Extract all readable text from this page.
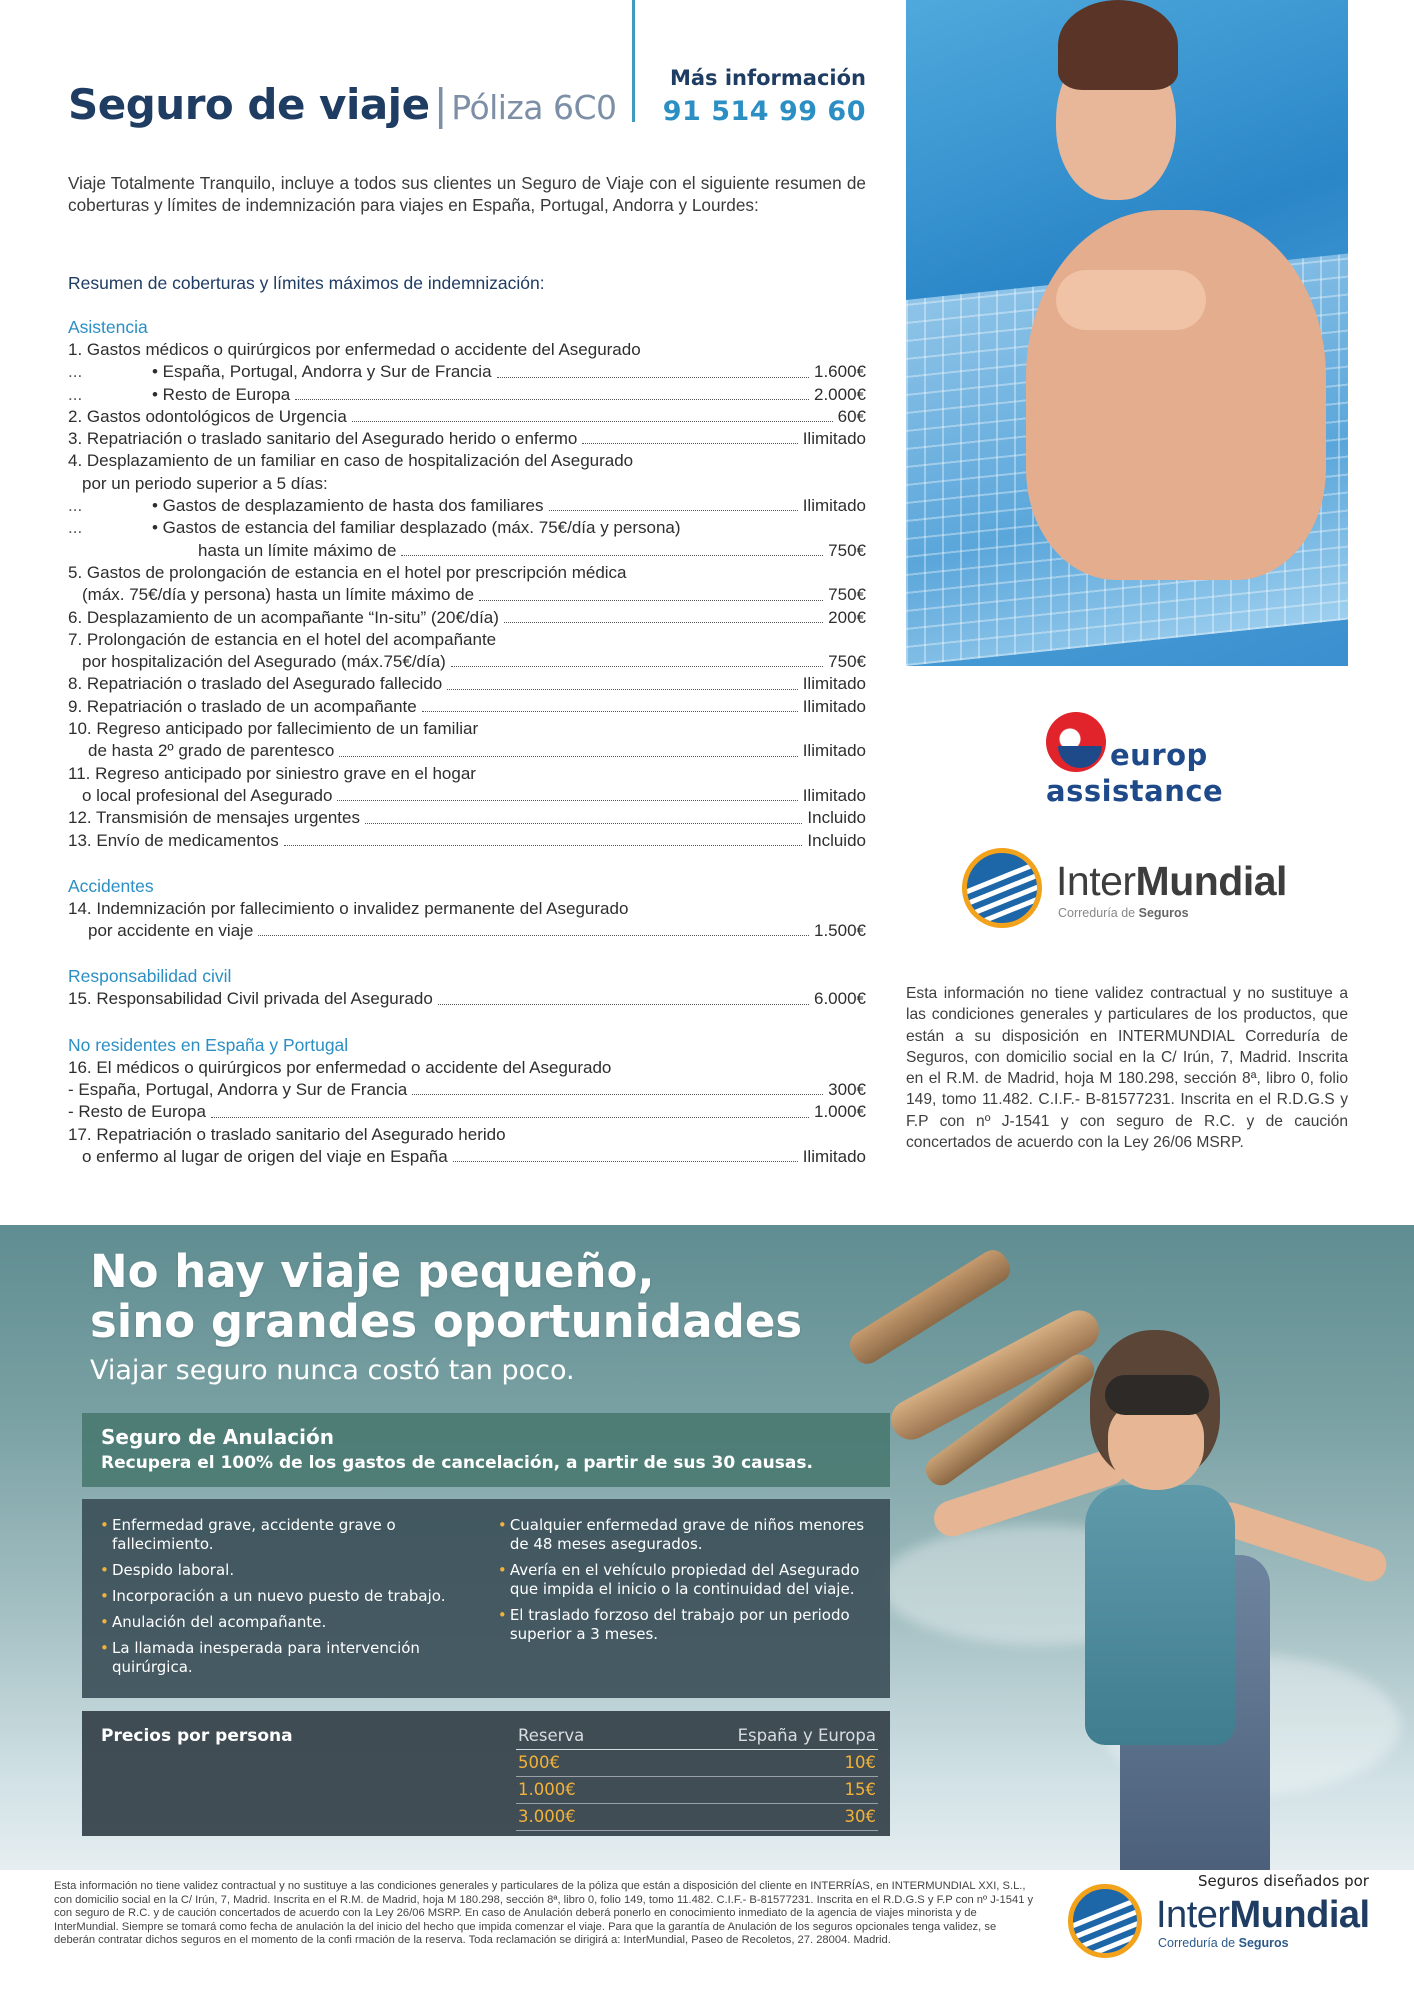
Seguro de viaje| Póliza 6C0
Más información
91 514 99 60

Viaje Totalmente Tranquilo, incluye a todos sus clientes un Seguro de Viaje con el siguiente resumen de coberturas y límites de indemnización para viajes en España, Portugal, Andorra y Lourdes:

Resumen de coberturas y límites máximos de indemnización:
Asistencia
1. Gastos médicos o quirúrgicos por enfermedad o accidente del Asegurado
...	• España, Portugal, Andorra y Sur de Francia	1.600€
...	• Resto de Europa	2.000€
2. Gastos odontológicos de Urgencia	60€
3. Repatriación o traslado sanitario del Asegurado herido o enfermo	Ilimitado
4. Desplazamiento de un familiar en caso de hospitalización del Asegurado
por un periodo superior a 5 días:
...	• Gastos de desplazamiento de hasta dos familiares	Ilimitado
...	• Gastos de estancia del familiar desplazado (máx. 75€/día y persona)
hasta un límite máximo de	750€
5. Gastos de prolongación de estancia en el hotel por prescripción médica
(máx. 75€/día y persona) hasta un límite máximo de	750€
6. Desplazamiento de un acompañante “In-situ” (20€/día)	200€
7. Prolongación de estancia en el hotel del acompañante
por hospitalización del Asegurado (máx.75€/día)	750€
8. Repatriación o traslado del Asegurado fallecido	Ilimitado
9. Repatriación o traslado de un acompañante	Ilimitado
10. Regreso anticipado por fallecimiento de un familiar
de hasta 2º grado de parentesco	Ilimitado
11. Regreso anticipado por siniestro grave en el hogar
o local profesional del Asegurado	Ilimitado
12. Transmisión de mensajes urgentes	Incluido
13. Envío de medicamentos	Incluido
Accidentes
14. Indemnización por fallecimiento o invalidez permanente del Asegurado
por accidente en viaje	1.500€
Responsabilidad civil
15. Responsabilidad Civil privada del Asegurado	6.000€
No residentes en España y Portugal
16. El médicos o quirúrgicos por enfermedad o accidente del Asegurado
- España, Portugal, Andorra y Sur de Francia	300€
- Resto de Europa	1.000€
17. Repatriación o traslado sanitario del Asegurado herido
o enfermo al lugar de origen del viaje en España	Ilimitado
europ
assistance
InterMundial
Correduría de Seguros

Esta información no tiene validez contractual y no sustituye a las condiciones generales y particulares de los productos, que están a su disposición en INTERMUNDIAL Correduría de Seguros, con domicilio social en la C/ Irún, 7, Madrid. Inscrita en el R.M. de Madrid, hoja M 180.298, sección 8ª, libro 0, folio 149, tomo 11.482. C.I.F.- B-81577231. Inscrita en el R.D.G.S y F.P con nº J-1541 y con seguro de R.C. y de caución concertados de acuerdo con la Ley 26/06 MSRP.

No hay viaje pequeño,
sino grandes oportunidades
Viajar seguro nunca costó tan poco.
Seguro de Anulación
Recupera el 100% de los gastos de cancelación, a partir de sus 30 causas.
• Enfermedad grave, accidente grave o fallecimiento.
• Despido laboral.
• Incorporación a un nuevo puesto de trabajo.
• Anulación del acompañante.
• La llamada inesperada para intervención quirúrgica.
• Cualquier enfermedad grave de niños menores de 48 meses asegurados.
• Avería en el vehículo propiedad del Asegurado que impida el inicio o la continuidad del viaje.
• El traslado forzoso del trabajo por un periodo superior a 3 meses.
Precios por persona	Reserva	España y Europa
500€	10€
1.000€	15€
3.000€	30€

Esta información no tiene validez contractual y no sustituye a las condiciones generales y particulares de la póliza que están a disposición del cliente en INTERRÍAS, en INTERMUNDIAL XXI, S.L., con domicilio social en la C/ Irún, 7, Madrid. Inscrita en el R.M. de Madrid, hoja M 180.298, sección 8ª, libro 0, folio 149, tomo 11.482. C.I.F.- B-81577231. Inscrita en el R.D.G.S y F.P con nº J-1541 y con seguro de R.C. y de caución concertados de acuerdo con la Ley 26/06 MSRP. En caso de Anulación deberá ponerlo en conocimiento inmediato de la agencia de viajes minorista y de InterMundial. Siempre se tomará como fecha de anulación la del inicio del hecho que impida comenzar el viaje. Para que la garantía de Anulación de los seguros opcionales tenga validez, se deberán contratar dichos seguros en el momento de la confi rmación de la reserva. Toda reclamación se dirigirá a: InterMundial, Paseo de Recoletos, 27. 28004. Madrid.

Seguros diseñados por
InterMundial
Correduría de Seguros
